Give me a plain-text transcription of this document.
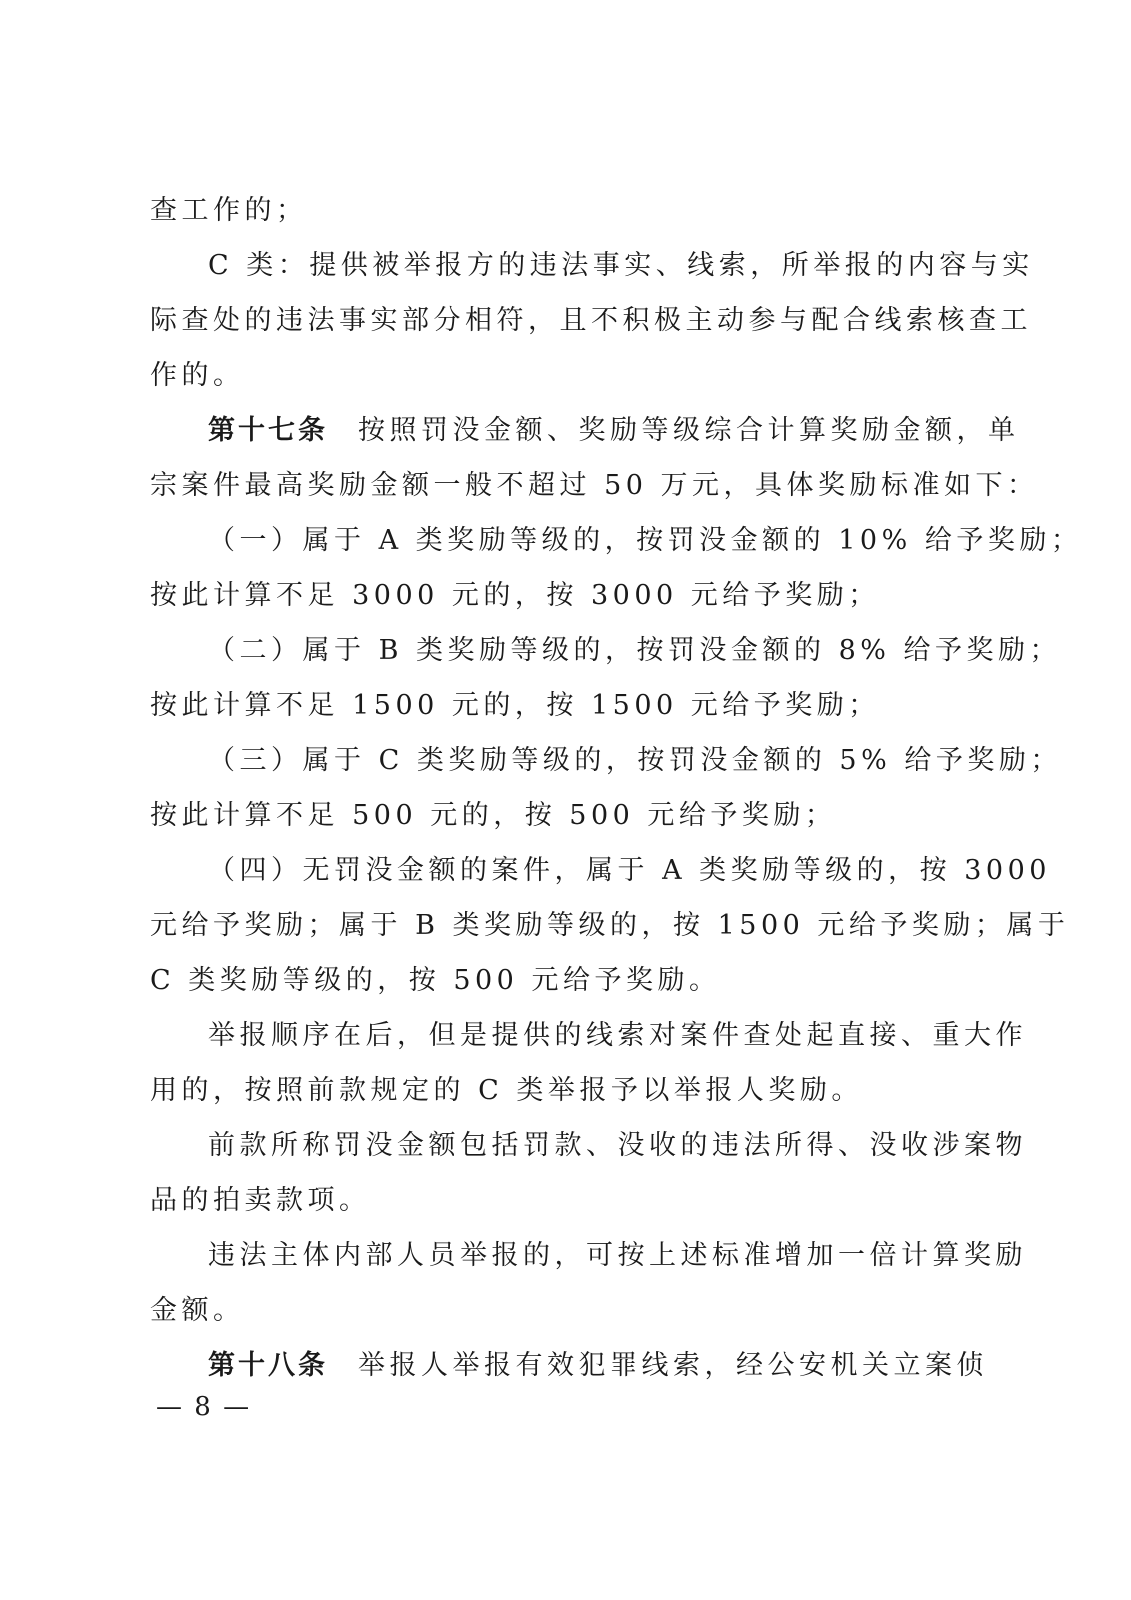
查工作的；
C 类：提供被举报方的违法事实、线索，所举报的内容与实
际查处的违法事实部分相符，且不积极主动参与配合线索核查工
作的。
第十七条 按照罚没金额、奖励等级综合计算奖励金额，单
宗案件最高奖励金额一般不超过 50 万元，具体奖励标准如下：
（一）属于 A 类奖励等级的，按罚没金额的 10% 给予奖励；
按此计算不足 3000 元的，按 3000 元给予奖励；
（二）属于 B 类奖励等级的，按罚没金额的 8% 给予奖励；
按此计算不足 1500 元的，按 1500 元给予奖励；
（三）属于 C 类奖励等级的，按罚没金额的 5% 给予奖励；
按此计算不足 500 元的，按 500 元给予奖励；
（四）无罚没金额的案件，属于 A 类奖励等级的，按 3000
元给予奖励；属于 B 类奖励等级的，按 1500 元给予奖励；属于
C 类奖励等级的，按 500 元给予奖励。
举报顺序在后，但是提供的线索对案件查处起直接、重大作
用的，按照前款规定的 C 类举报予以举报人奖励。
前款所称罚没金额包括罚款、没收的违法所得、没收涉案物
品的拍卖款项。
违法主体内部人员举报的，可按上述标准增加一倍计算奖励
金额。
第十八条 举报人举报有效犯罪线索，经公安机关立案侦
— 8 —
